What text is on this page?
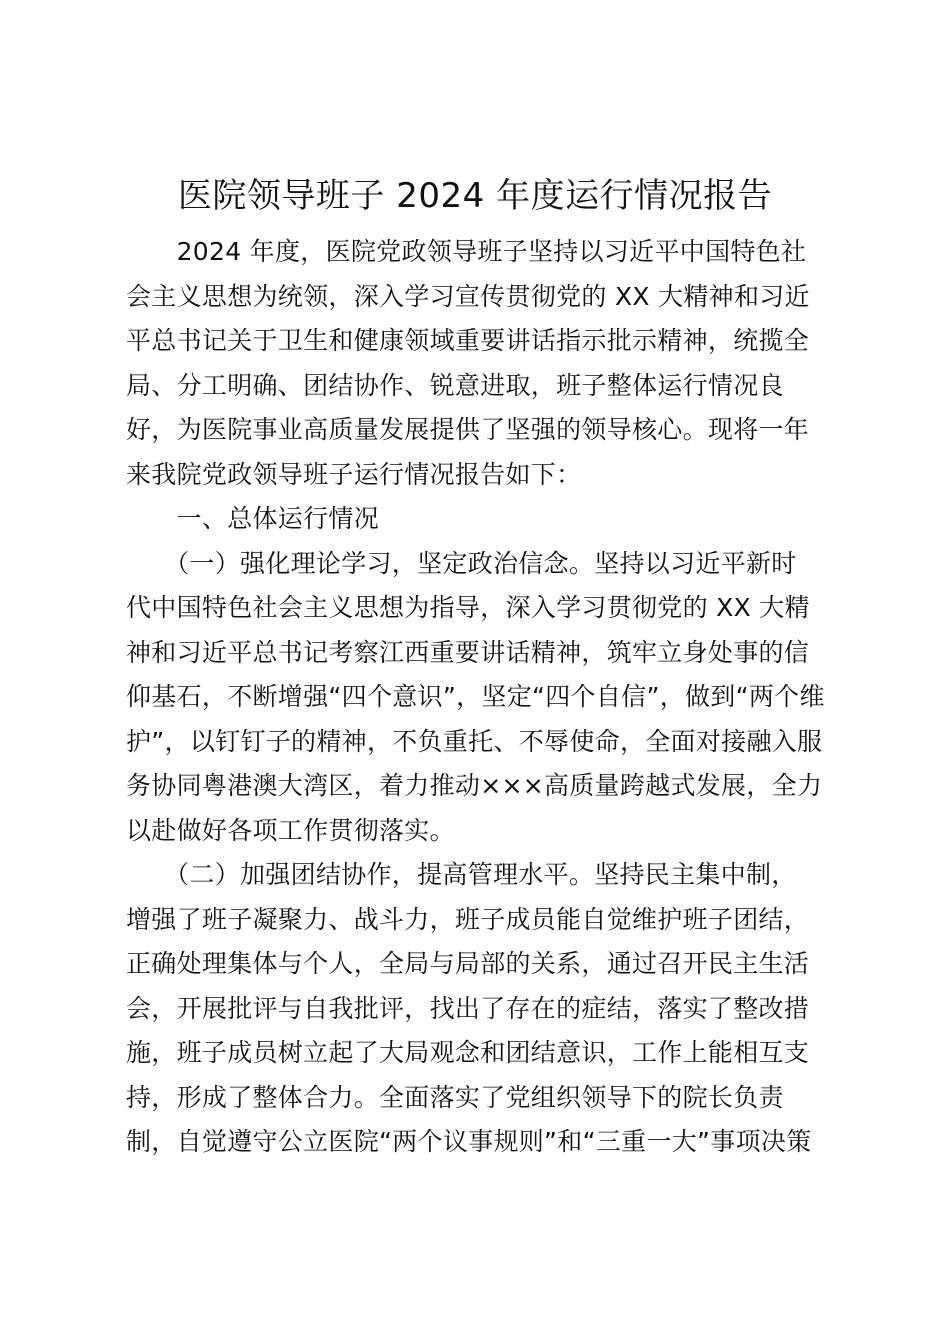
医院领导班子 2024 年度运行情况报告
　　2024 年度，医院党政领导班子坚持以习近平中国特色社
会主义思想为统领，深入学习宣传贯彻党的 XX 大精神和习近
平总书记关于卫生和健康领域重要讲话指示批示精神，统揽全
局、分工明确、团结协作、锐意进取，班子整体运行情况良
好，为医院事业高质量发展提供了坚强的领导核心。现将一年
来我院党政领导班子运行情况报告如下：
　　一、总体运行情况
　　（一）强化理论学习，坚定政治信念。坚持以习近平新时
代中国特色社会主义思想为指导，深入学习贯彻党的 XX 大精
神和习近平总书记考察江西重要讲话精神，筑牢立身处事的信
仰基石，不断增强“四个意识”，坚定“四个自信”，做到“两个维
护”，以钉钉子的精神，不负重托、不辱使命，全面对接融入服
务协同粤港澳大湾区，着力推动×××高质量跨越式发展，全力
以赴做好各项工作贯彻落实。
　　（二）加强团结协作，提高管理水平。坚持民主集中制，
增强了班子凝聚力、战斗力，班子成员能自觉维护班子团结，
正确处理集体与个人，全局与局部的关系，通过召开民主生活
会，开展批评与自我批评，找出了存在的症结，落实了整改措
施，班子成员树立起了大局观念和团结意识，工作上能相互支
持，形成了整体合力。全面落实了党组织领导下的院长负责
制，自觉遵守公立医院“两个议事规则”和“三重一大”事项决策
